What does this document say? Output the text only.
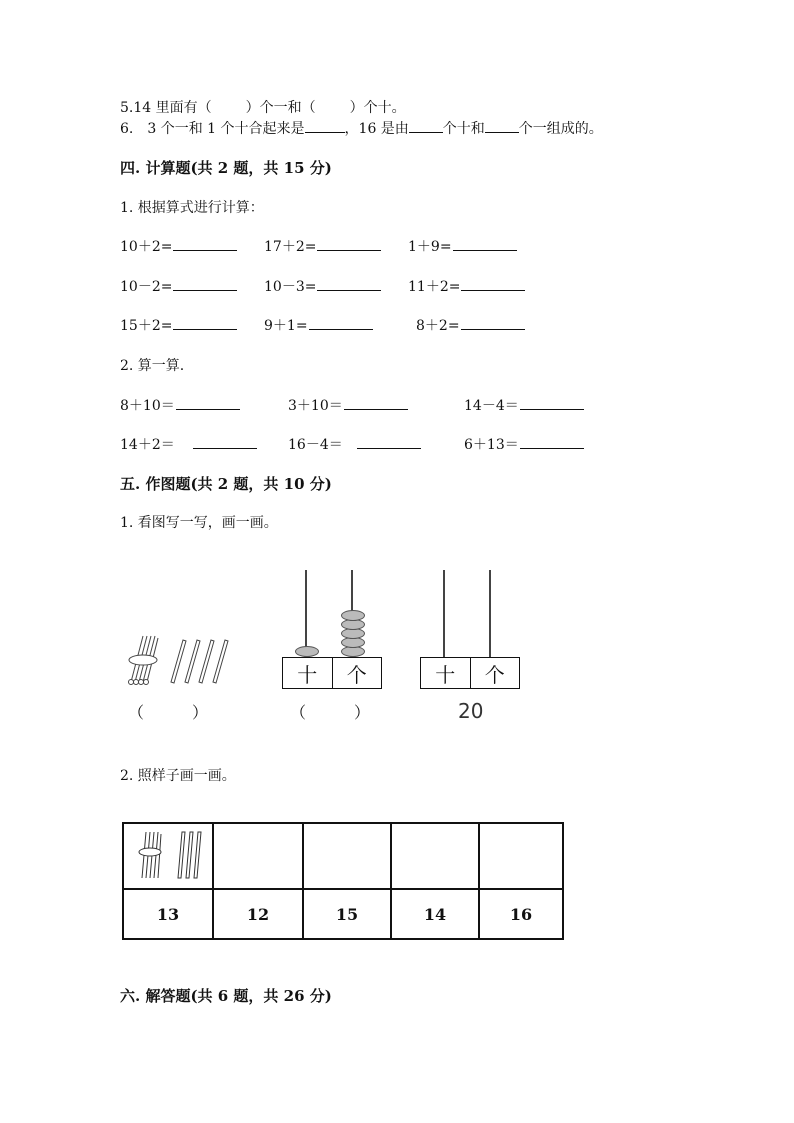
5.14 里面有（ ）个一和（ ）个十。
6.　3 个一和 1 个十合起来是	，16 是由 个十和 个一组成的。
四. 计算题(共 2 题，共 15 分)
1. 根据算式进行计算：
10＋2=	17＋2=	1＋9=
10－2=	10－3=	11＋2=
15＋2=	9＋1=	8＋2=
2. 算一算.
8＋10＝	3＋10＝	14－4＝
14＋2＝	16－4＝	6＋13＝
五. 作图题(共 2 题，共 10 分)
1. 看图写一写，画一画。
（　　　）
十	个
（　　　）
十	个
20
2. 照样子画一画。

13	12	15	14	16
六. 解答题(共 6 题，共 26 分)
